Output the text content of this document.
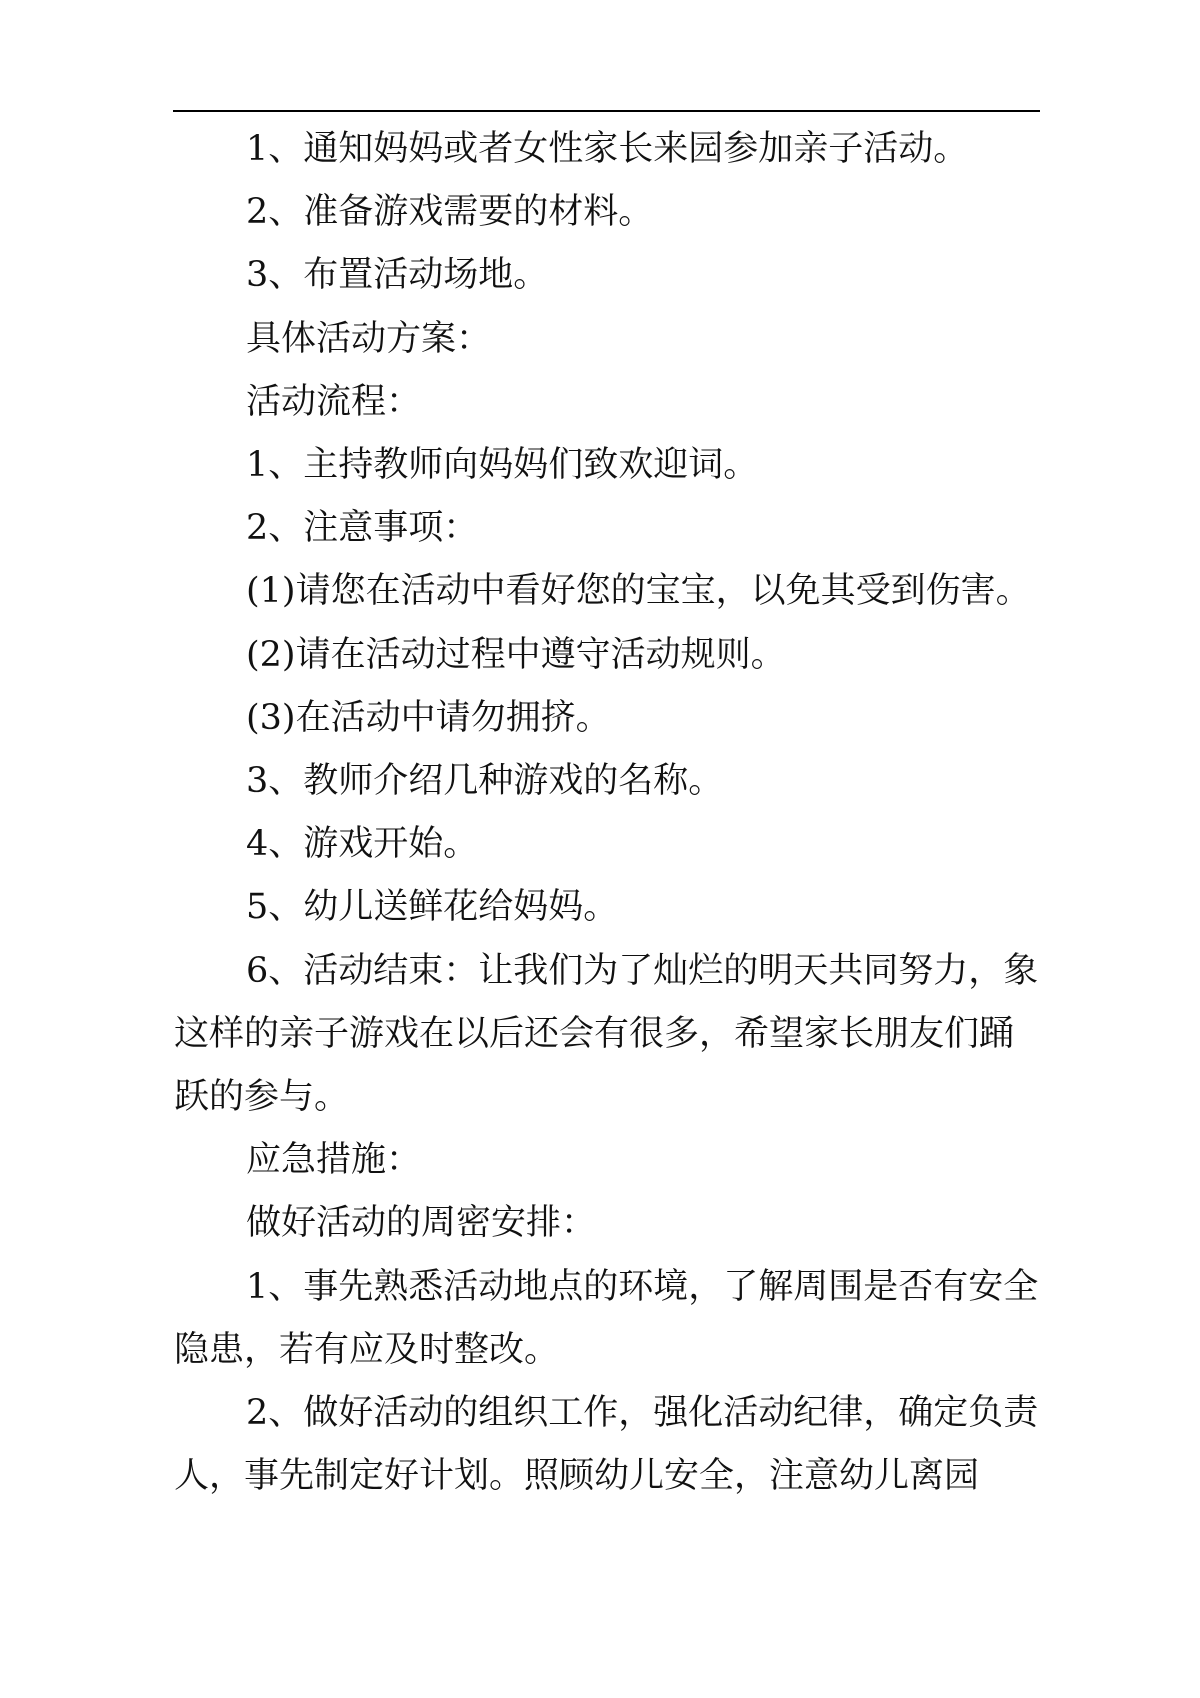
1、通知妈妈或者女性家长来园参加亲子活动。

2、准备游戏需要的材料。

3、布置活动场地。

具体活动方案：

活动流程：

1、主持教师向妈妈们致欢迎词。

2、注意事项：

(1)请您在活动中看好您的宝宝，以免其受到伤害。

(2)请在活动过程中遵守活动规则。

(3)在活动中请勿拥挤。

3、教师介绍几种游戏的名称。

4、游戏开始。

5、幼儿送鲜花给妈妈。

6、活动结束：让我们为了灿烂的明天共同努力，象这样的亲子游戏在以后还会有很多，希望家长朋友们踊跃的参与。

应急措施：

做好活动的周密安排：

1、事先熟悉活动地点的环境，了解周围是否有安全隐患，若有应及时整改。

2、做好活动的组织工作，强化活动纪律，确定负责人，事先制定好计划。照顾幼儿安全，注意幼儿离园
